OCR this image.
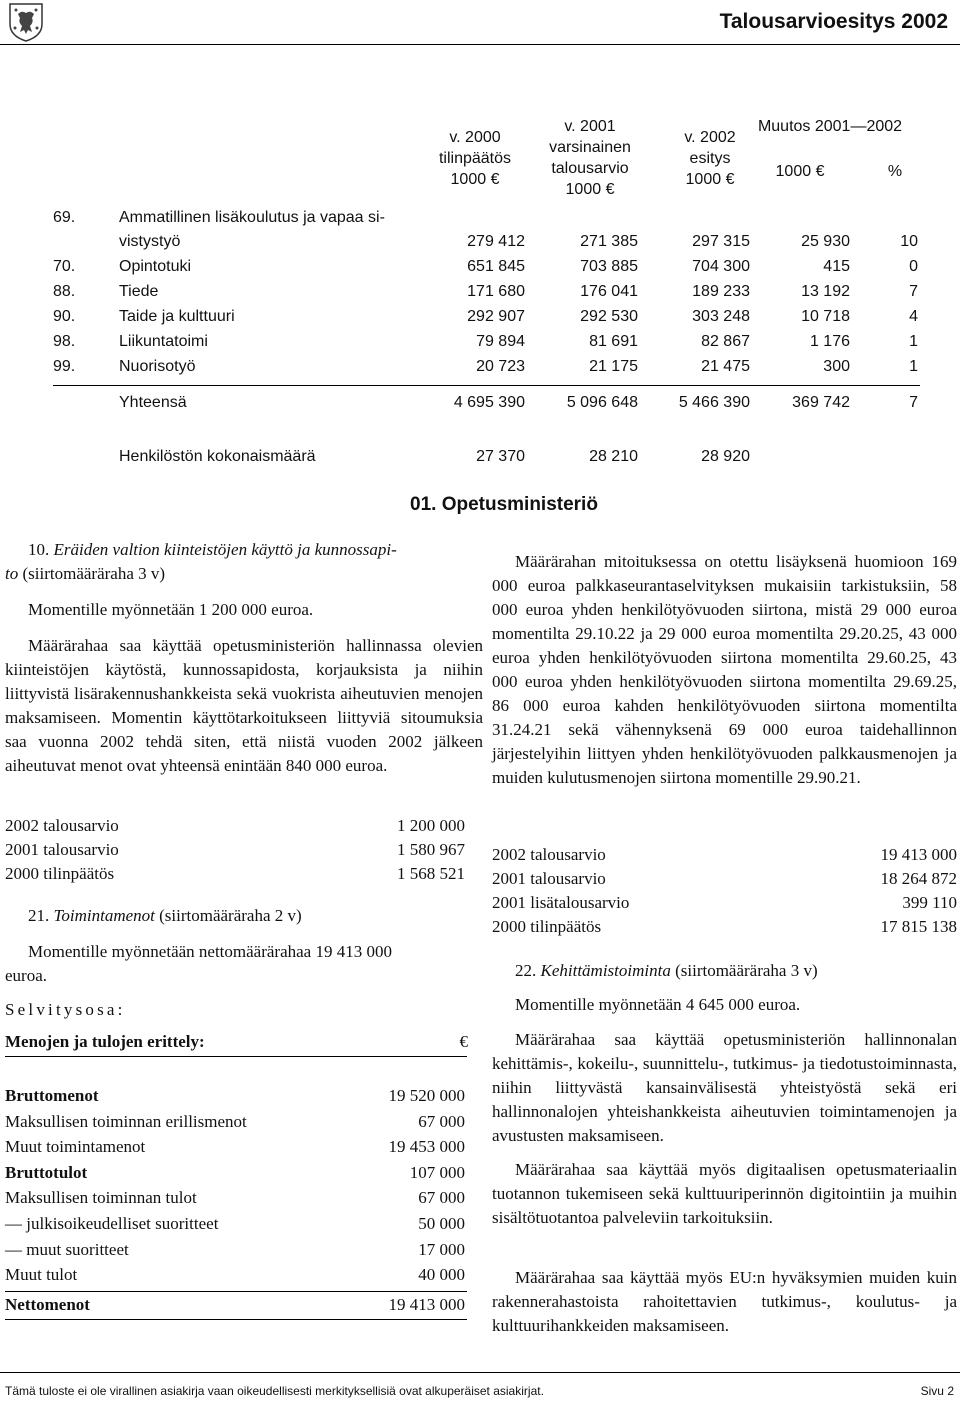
Talousarvioesitys 2002
v. 2000
tilinpäätös
1000 €
v. 2001
varsinainen
talousarvio
1000 €
v. 2002
esitys
1000 €
Muutos 2001—2002
1000 €	%
69.	Ammatillinen lisäkoulutus ja vapaa si-
vistystyö	279 412	271 385	297 315	25 930	10
70.	Opintotuki	651 845	703 885	704 300	415	0
88.	Tiede	171 680	176 041	189 233	13 192	7
90.	Taide ja kulttuuri	292 907	292 530	303 248	10 718	4
98.	Liikuntatoimi	79 894	81 691	82 867	1 176	1
99.	Nuorisotyö	20 723	21 175	21 475	300	1
Yhteensä	4 695 390	5 096 648	5 466 390	369 742	7
Henkilöstön kokonaismäärä	27 370	28 210	28 920
01. Opetusministeriö
10. Eräiden valtion kiinteistöjen käyttö ja kunnossapi-
to (siirtomääräraha 3 v)
Momentille myönnetään 1 200 000 euroa.
Määrärahaa saa käyttää opetusministeriön hallinnassa olevien kiinteistöjen käytöstä, kunnossapidosta, korjauksista ja niihin liittyvistä lisärakennushankkeista sekä vuokrista aiheutuvien menojen maksamiseen. Momentin käyttötarkoitukseen liittyviä sitoumuksia saa vuonna 2002 tehdä siten, että niistä vuoden 2002 jälkeen aiheutuvat menot ovat yhteensä enintään 840 000 euroa.
2002 talousarvio	1 200 000
2001 talousarvio	1 580 967
2000 tilinpäätös	1 568 521
21. Toimintamenot (siirtomääräraha 2 v)
Momentille myönnetään nettomäärärahaa 19 413 000
euroa.
Selvitysosa:
Menojen ja tulojen erittely:	€
Bruttomenot	19 520 000
Maksullisen toiminnan erillismenot	67 000
Muut toimintamenot	19 453 000
Bruttotulot	107 000
Maksullisen toiminnan tulot	67 000
— julkisoikeudelliset suoritteet	50 000
— muut suoritteet	17 000
Muut tulot	40 000
Nettomenot	19 413 000
Määrärahan mitoituksessa on otettu lisäyksenä huomioon 169 000 euroa palkkaseurantaselvityksen mukaisiin tarkistuksiin, 58 000 euroa yhden henkilötyövuoden siirtona, mistä 29 000 euroa momentilta 29.10.22 ja 29 000 euroa momentilta 29.20.25, 43 000 euroa yhden henkilötyövuoden siirtona momentilta 29.60.25, 43 000 euroa yhden henkilötyövuoden siirtona momentilta 29.69.25, 86 000 euroa kahden henkilötyövuoden siirtona momentilta 31.24.21 sekä vähennyksenä 69 000 euroa taidehallinnon järjestelyihin liittyen yhden henkilötyövuoden palkkausmenojen ja muiden kulutusmenojen siirtona momentille 29.90.21.
2002 talousarvio	19 413 000
2001 talousarvio	18 264 872
2001 lisätalousarvio	399 110
2000 tilinpäätös	17 815 138
22. Kehittämistoiminta (siirtomääräraha 3 v)
Momentille myönnetään 4 645 000 euroa.
Määrärahaa saa käyttää opetusministeriön hallinnonalan kehittämis-, kokeilu-, suunnittelu-, tutkimus- ja tiedotustoiminnasta, niihin liittyvästä kansainvälisestä yhteistyöstä sekä eri hallinnonalojen yhteishankkeista aiheutuvien toimintamenojen ja avustusten maksamiseen.
Määrärahaa saa käyttää myös digitaalisen opetusmateriaalin tuotannon tukemiseen sekä kulttuuriperinnön digitointiin ja muihin sisältötuotantoa palveleviin tarkoituksiin.
Määrärahaa saa käyttää myös EU:n hyväksymien muiden kuin rakennerahastoista rahoitettavien tutkimus-, koulutus- ja kulttuurihankkeiden maksamiseen.
Tämä tuloste ei ole virallinen asiakirja vaan oikeudellisesti merkityksellisiä ovat alkuperäiset asiakirjat.	Sivu 2
